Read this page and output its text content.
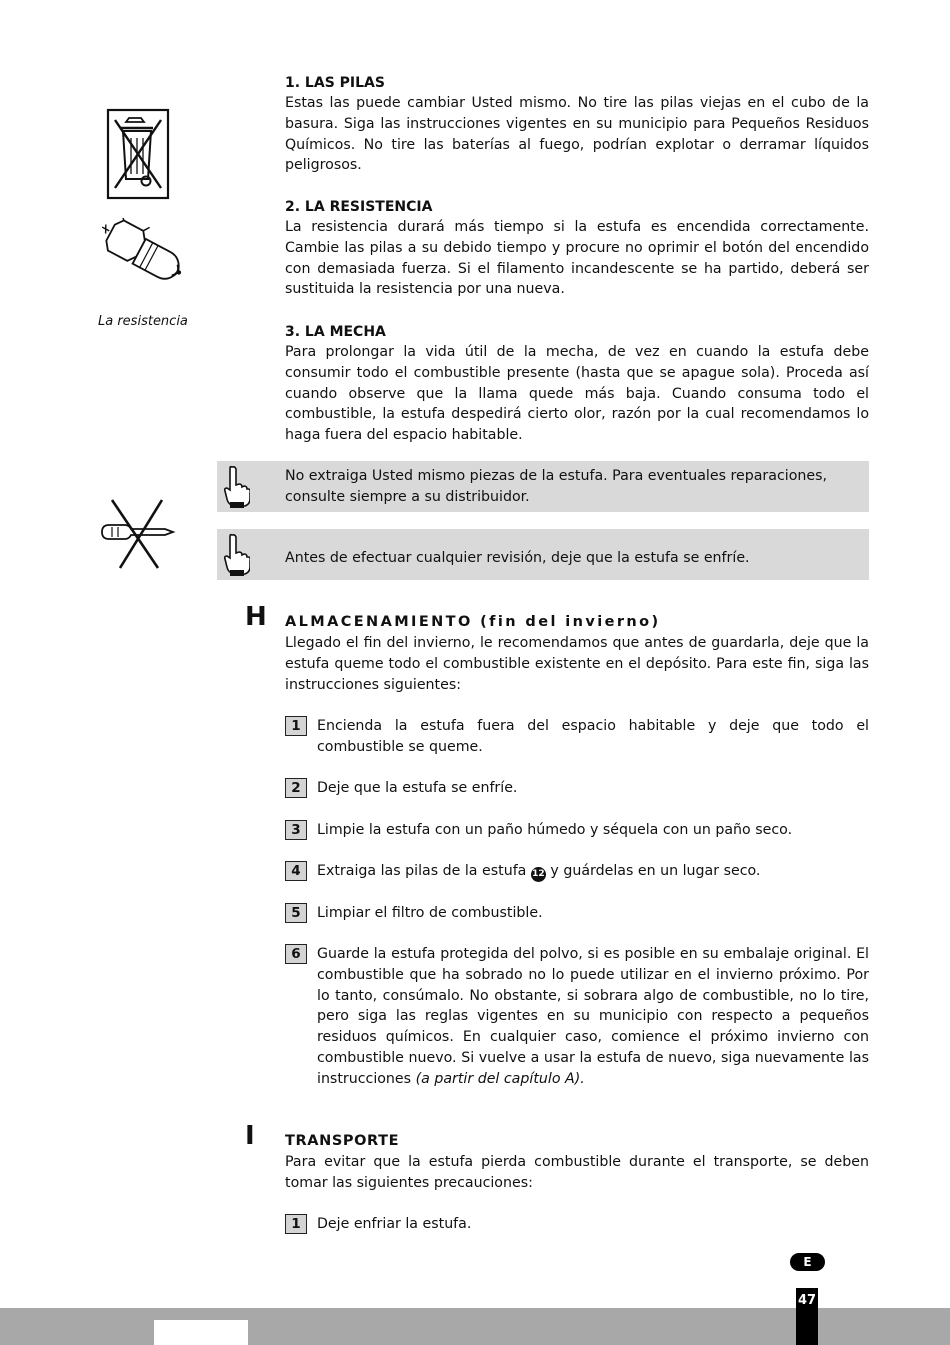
La resistencia
1. LAS PILAS
Estas las puede cambiar Usted mismo. No tire las pilas viejas en el cubo de la basura. Siga las instrucciones vigentes en su municipio para Pequeños Residuos Químicos. No tire las baterías al fuego, podrían explotar o derramar líquidos peligrosos.
2. LA RESISTENCIA
La resistencia durará más tiempo si la estufa es encendida correctamente. Cambie las pilas a su debido tiempo y procure no oprimir el botón del encendido con demasiada fuerza. Si el filamento incandescente se ha partido, deberá ser sustituida la resistencia por una nueva.
3. LA MECHA
Para prolongar la vida útil de la mecha, de vez en cuando la estufa debe consumir todo el combustible presente (hasta que se apague sola). Proceda así cuando observe que la llama quede más baja. Cuando consuma todo el combustible, la estufa despedirá cierto olor, razón por la cual recomendamos lo haga fuera del espacio habitable.
No extraiga Usted mismo piezas de la estufa. Para eventuales reparaciones, consulte siempre a su distribuidor.
Antes de efectuar cualquier revisión, deje que la estufa se enfríe.
H ALMACENAMIENTO (fin del invierno)
Llegado el fin del invierno, le recomendamos que antes de guardarla, deje que la estufa queme todo el combustible existente en el depósito. Para este fin, siga las instrucciones siguientes:
1	Encienda la estufa fuera del espacio habitable y deje que todo el combustible se queme.
2	Deje que la estufa se enfríe.
3	Limpie la estufa con un paño húmedo y séquela con un paño seco.
4	Extraiga las pilas de la estufa 12 y guárdelas en un lugar seco.
5	Limpiar el filtro de combustible.
6	Guarde la estufa protegida del polvo, si es posible en su embalaje original. El combustible que ha sobrado no lo puede utilizar en el invierno próximo. Por lo tanto, consúmalo. No obstante, si sobrara algo de combustible, no lo tire, pero siga las reglas vigentes en su municipio con respecto a pequeños residuos químicos. En cualquier caso, comience el próximo invierno con combustible nuevo. Si vuelve a usar la estufa de nuevo, siga nuevamente las instrucciones (a partir del capítulo A).
I TRANSPORTE
Para evitar que la estufa pierda combustible durante el transporte, se deben tomar las siguientes precauciones:
1	Deje enfriar la estufa.
E
47
